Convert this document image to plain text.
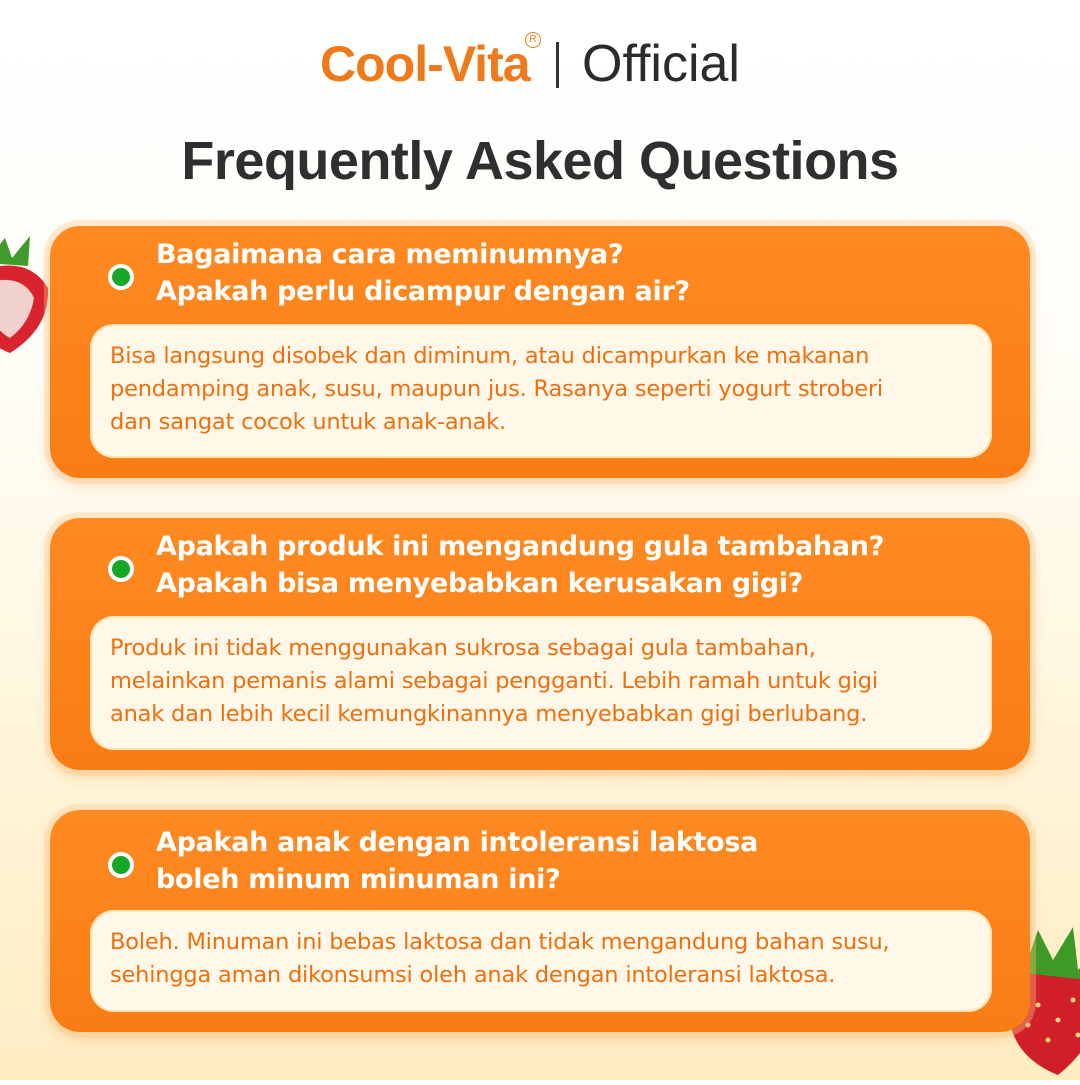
Cool-Vita R Official
Frequently Asked Questions
Bagaimana cara meminumnya?
Apakah perlu dicampur dengan air?
Bisa langsung disobek dan diminum, atau dicampurkan ke makanan
pendamping anak, susu, maupun jus. Rasanya seperti yogurt stroberi
dan sangat cocok untuk anak-anak.
Apakah produk ini mengandung gula tambahan?
Apakah bisa menyebabkan kerusakan gigi?
Produk ini tidak menggunakan sukrosa sebagai gula tambahan,
melainkan pemanis alami sebagai pengganti. Lebih ramah untuk gigi
anak dan lebih kecil kemungkinannya menyebabkan gigi berlubang.
Apakah anak dengan intoleransi laktosa
boleh minum minuman ini?
Boleh. Minuman ini bebas laktosa dan tidak mengandung bahan susu,
sehingga aman dikonsumsi oleh anak dengan intoleransi laktosa.
